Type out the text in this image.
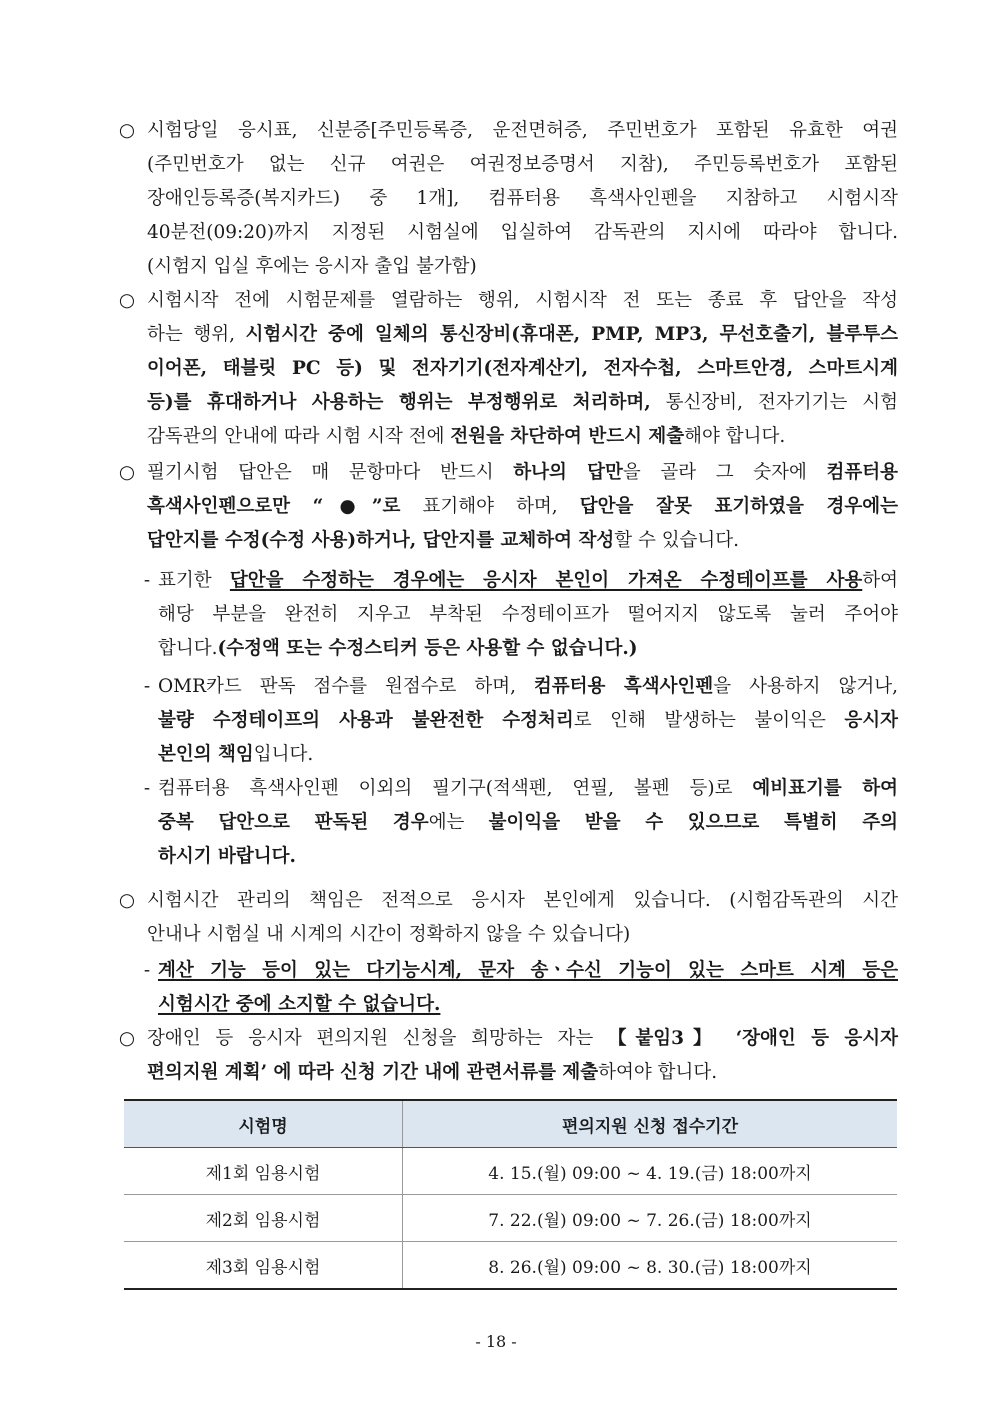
○ 시험당일 응시표, 신분증[주민등록증, 운전면허증, 주민번호가 포함된 유효한 여권
(주민번호가 없는 신규 여권은 여권정보증명서 지참), 주민등록번호가 포함된
장애인등록증(복지카드) 중 1개], 컴퓨터용 흑색사인펜을 지참하고 시험시작
40분전(09:20)까지 지정된 시험실에 입실하여 감독관의 지시에 따라야 합니다.
(시험지 입실 후에는 응시자 출입 불가함)
○ 시험시작 전에 시험문제를 열람하는 행위, 시험시작 전 또는 종료 후 답안을 작성
하는 행위, 시험시간 중에 일체의 통신장비(휴대폰, PMP, MP3, 무선호출기, 블루투스
이어폰, 태블릿 PC 등) 및 전자기기(전자계산기, 전자수첩, 스마트안경, 스마트시계
등)를 휴대하거나 사용하는 행위는 부정행위로 처리하며, 통신장비, 전자기기는 시험
감독관의 안내에 따라 시험 시작 전에 전원을 차단하여 반드시 제출해야 합니다.
○ 필기시험 답안은 매 문항마다 반드시 하나의 답만을 골라 그 숫자에 컴퓨터용
흑색사인펜으로만 “●”로 표기해야 하며, 답안을 잘못 표기하였을 경우에는
답안지를 수정(수정 사용)하거나, 답안지를 교체하여 작성할 수 있습니다.
- 표기한 답안을 수정하는 경우에는 응시자 본인이 가져온 수정테이프를 사용하여
해당 부분을 완전히 지우고 부착된 수정테이프가 떨어지지 않도록 눌러 주어야
합니다.(수정액 또는 수정스티커 등은 사용할 수 없습니다.)
- OMR카드 판독 점수를 원점수로 하며, 컴퓨터용 흑색사인펜을 사용하지 않거나,
불량 수정테이프의 사용과 불완전한 수정처리로 인해 발생하는 불이익은 응시자
본인의 책임입니다.
- 컴퓨터용 흑색사인펜 이외의 필기구(적색펜, 연필, 볼펜 등)로 예비표기를 하여
중복 답안으로 판독된 경우에는 불이익을 받을 수 있으므로 특별히 주의
하시기 바랍니다.
○ 시험시간 관리의 책임은 전적으로 응시자 본인에게 있습니다. (시험감독관의 시간
안내나 시험실 내 시계의 시간이 정확하지 않을 수 있습니다)
- 계산 기능 등이 있는 다기능시계, 문자 송ㆍ수신 기능이 있는 스마트 시계 등은
시험시간 중에 소지할 수 없습니다.
○ 장애인 등 응시자 편의지원 신청을 희망하는 자는 【붙임3】 ‘장애인 등 응시자
편의지원 계획’ 에 따라 신청 기간 내에 관련서류를 제출하여야 합니다.
시험명	편의지원 신청 접수기간
제1회 임용시험	4. 15.(월) 09:00 ~ 4. 19.(금) 18:00까지
제2회 임용시험	7. 22.(월) 09:00 ~ 7. 26.(금) 18:00까지
제3회 임용시험	8. 26.(월) 09:00 ~ 8. 30.(금) 18:00까지
- 18 -
